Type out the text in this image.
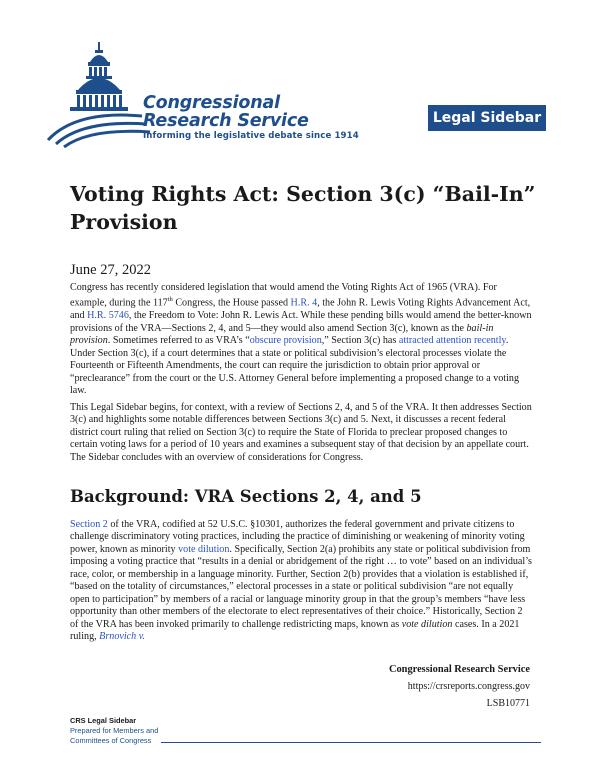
Congressional
Research Service
Informing the legislative debate since 1914
Legal Sidebar
Voting Rights Act: Section 3(c) “Bail-In” Provision
June 27, 2022

Congress has recently considered legislation that would amend the Voting Rights Act of 1965 (VRA). For example, during the 117th Congress, the House passed H.R. 4, the John R. Lewis Voting Rights Advancement Act, and H.R. 5746, the Freedom to Vote: John R. Lewis Act. While these pending bills would amend the better-known provisions of the VRA—Sections 2, 4, and 5—they would also amend Section 3(c), known as the bail-in provision. Sometimes referred to as VRA’s “obscure provision,” Section 3(c) has attracted attention recently. Under Section 3(c), if a court determines that a state or political subdivision’s electoral processes violate the Fourteenth or Fifteenth Amendments, the court can require the jurisdiction to obtain prior approval or “preclearance” from the court or the U.S. Attorney General before implementing a proposed change to a voting law.

This Legal Sidebar begins, for context, with a review of Sections 2, 4, and 5 of the VRA. It then addresses Section 3(c) and highlights some notable differences between Sections 3(c) and 5. Next, it discusses a recent federal district court ruling that relied on Section 3(c) to require the State of Florida to preclear proposed changes to certain voting laws for a period of 10 years and examines a subsequent stay of that decision by an appellate court. The Sidebar concludes with an overview of considerations for Congress.

Background: VRA Sections 2, 4, and 5

Section 2 of the VRA, codified at 52 U.S.C. §10301, authorizes the federal government and private citizens to challenge discriminatory voting practices, including the practice of diminishing or weakening of minority voting power, known as minority vote dilution. Specifically, Section 2(a) prohibits any state or political subdivision from imposing a voting practice that “results in a denial or abridgement of the right … to vote” based on an individual’s race, color, or membership in a language minority. Further, Section 2(b) provides that a violation is established if, “based on the totality of circumstances,” electoral processes in a state or political subdivision “are not equally open to participation” by members of a racial or language minority group in that the group’s members “have less opportunity than other members of the electorate to elect representatives of their choice.” Historically, Section 2 of the VRA has been invoked primarily to challenge redistricting maps, known as vote dilution cases. In a 2021 ruling, Brnovich v.

Congressional Research Service
https://crsreports.congress.gov
LSB10771
CRS Legal Sidebar
Prepared for Members and
Committees of Congress
